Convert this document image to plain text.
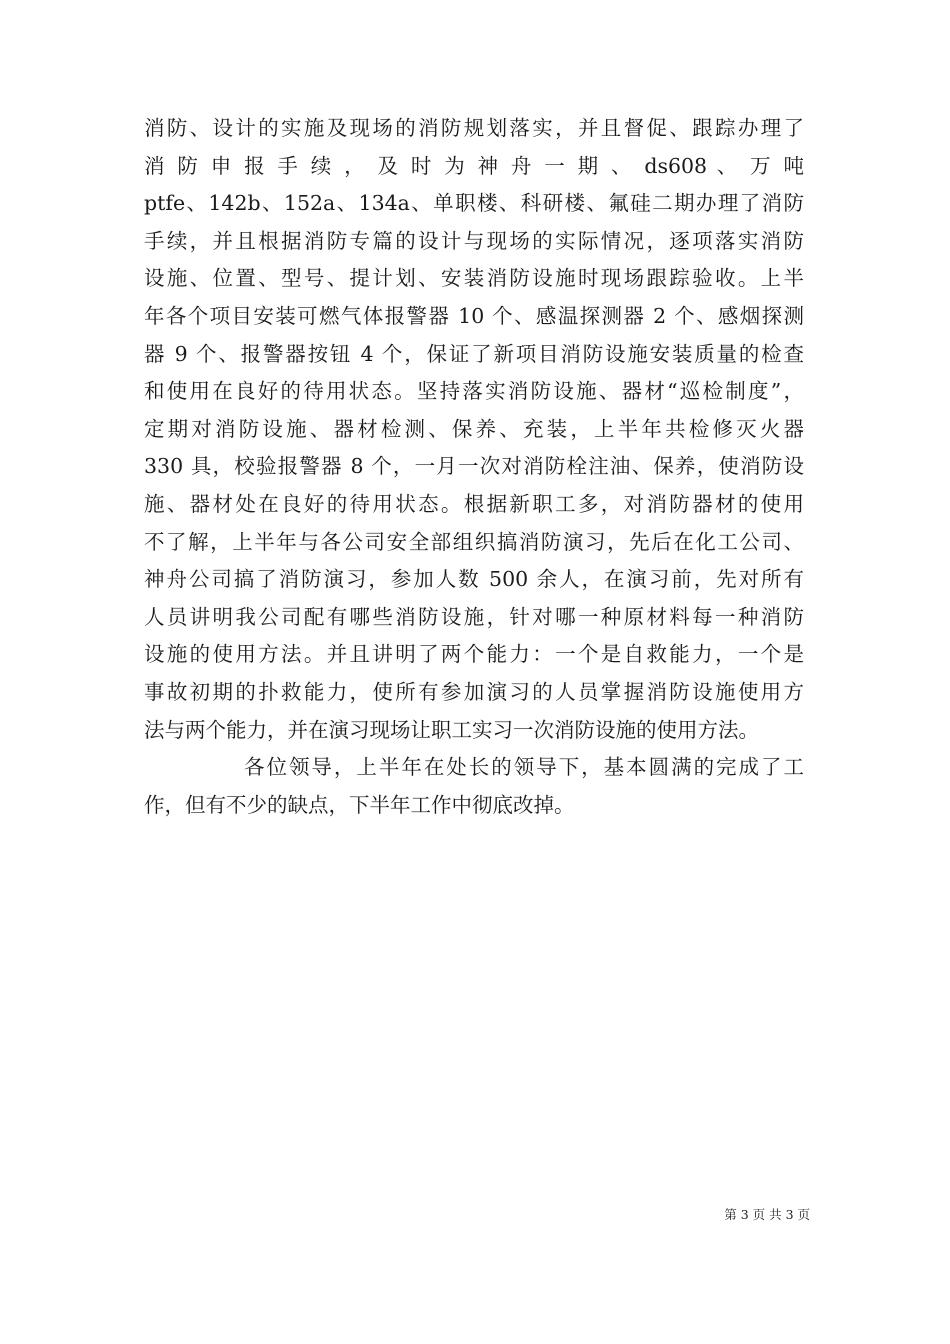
消防、设计的实施及现场的消防规划落实，并且督促、跟踪办理了
消 防 申 报 手 续 ， 及 时 为 神 舟 一 期 、 ds608 、 万 吨
ptfe、142b、152a、134a、单职楼、科研楼、氟硅二期办理了消防
手续，并且根据消防专篇的设计与现场的实际情况，逐项落实消防
设施、位置、型号、提计划、安装消防设施时现场跟踪验收。上半
年各个项目安装可燃气体报警器 10 个、感温探测器 2 个、感烟探测
器 9 个、报警器按钮 4 个，保证了新项目消防设施安装质量的检查
和使用在良好的待用状态。坚持落实消防设施、器材“巡检制度”，
定期对消防设施、器材检测、保养、充装，上半年共检修灭火器
330 具，校验报警器 8 个，一月一次对消防栓注油、保养，使消防设
施、器材处在良好的待用状态。根据新职工多，对消防器材的使用
不了解，上半年与各公司安全部组织搞消防演习，先后在化工公司、
神舟公司搞了消防演习，参加人数 500 余人，在演习前，先对所有
人员讲明我公司配有哪些消防设施，针对哪一种原材料每一种消防
设施的使用方法。并且讲明了两个能力：一个是自救能力，一个是
事故初期的扑救能力，使所有参加演习的人员掌握消防设施使用方
法与两个能力，并在演习现场让职工实习一次消防设施的使用方法。
各位领导，上半年在处长的领导下，基本圆满的完成了工
作，但有不少的缺点，下半年工作中彻底改掉。
第 3 页 共 3 页
